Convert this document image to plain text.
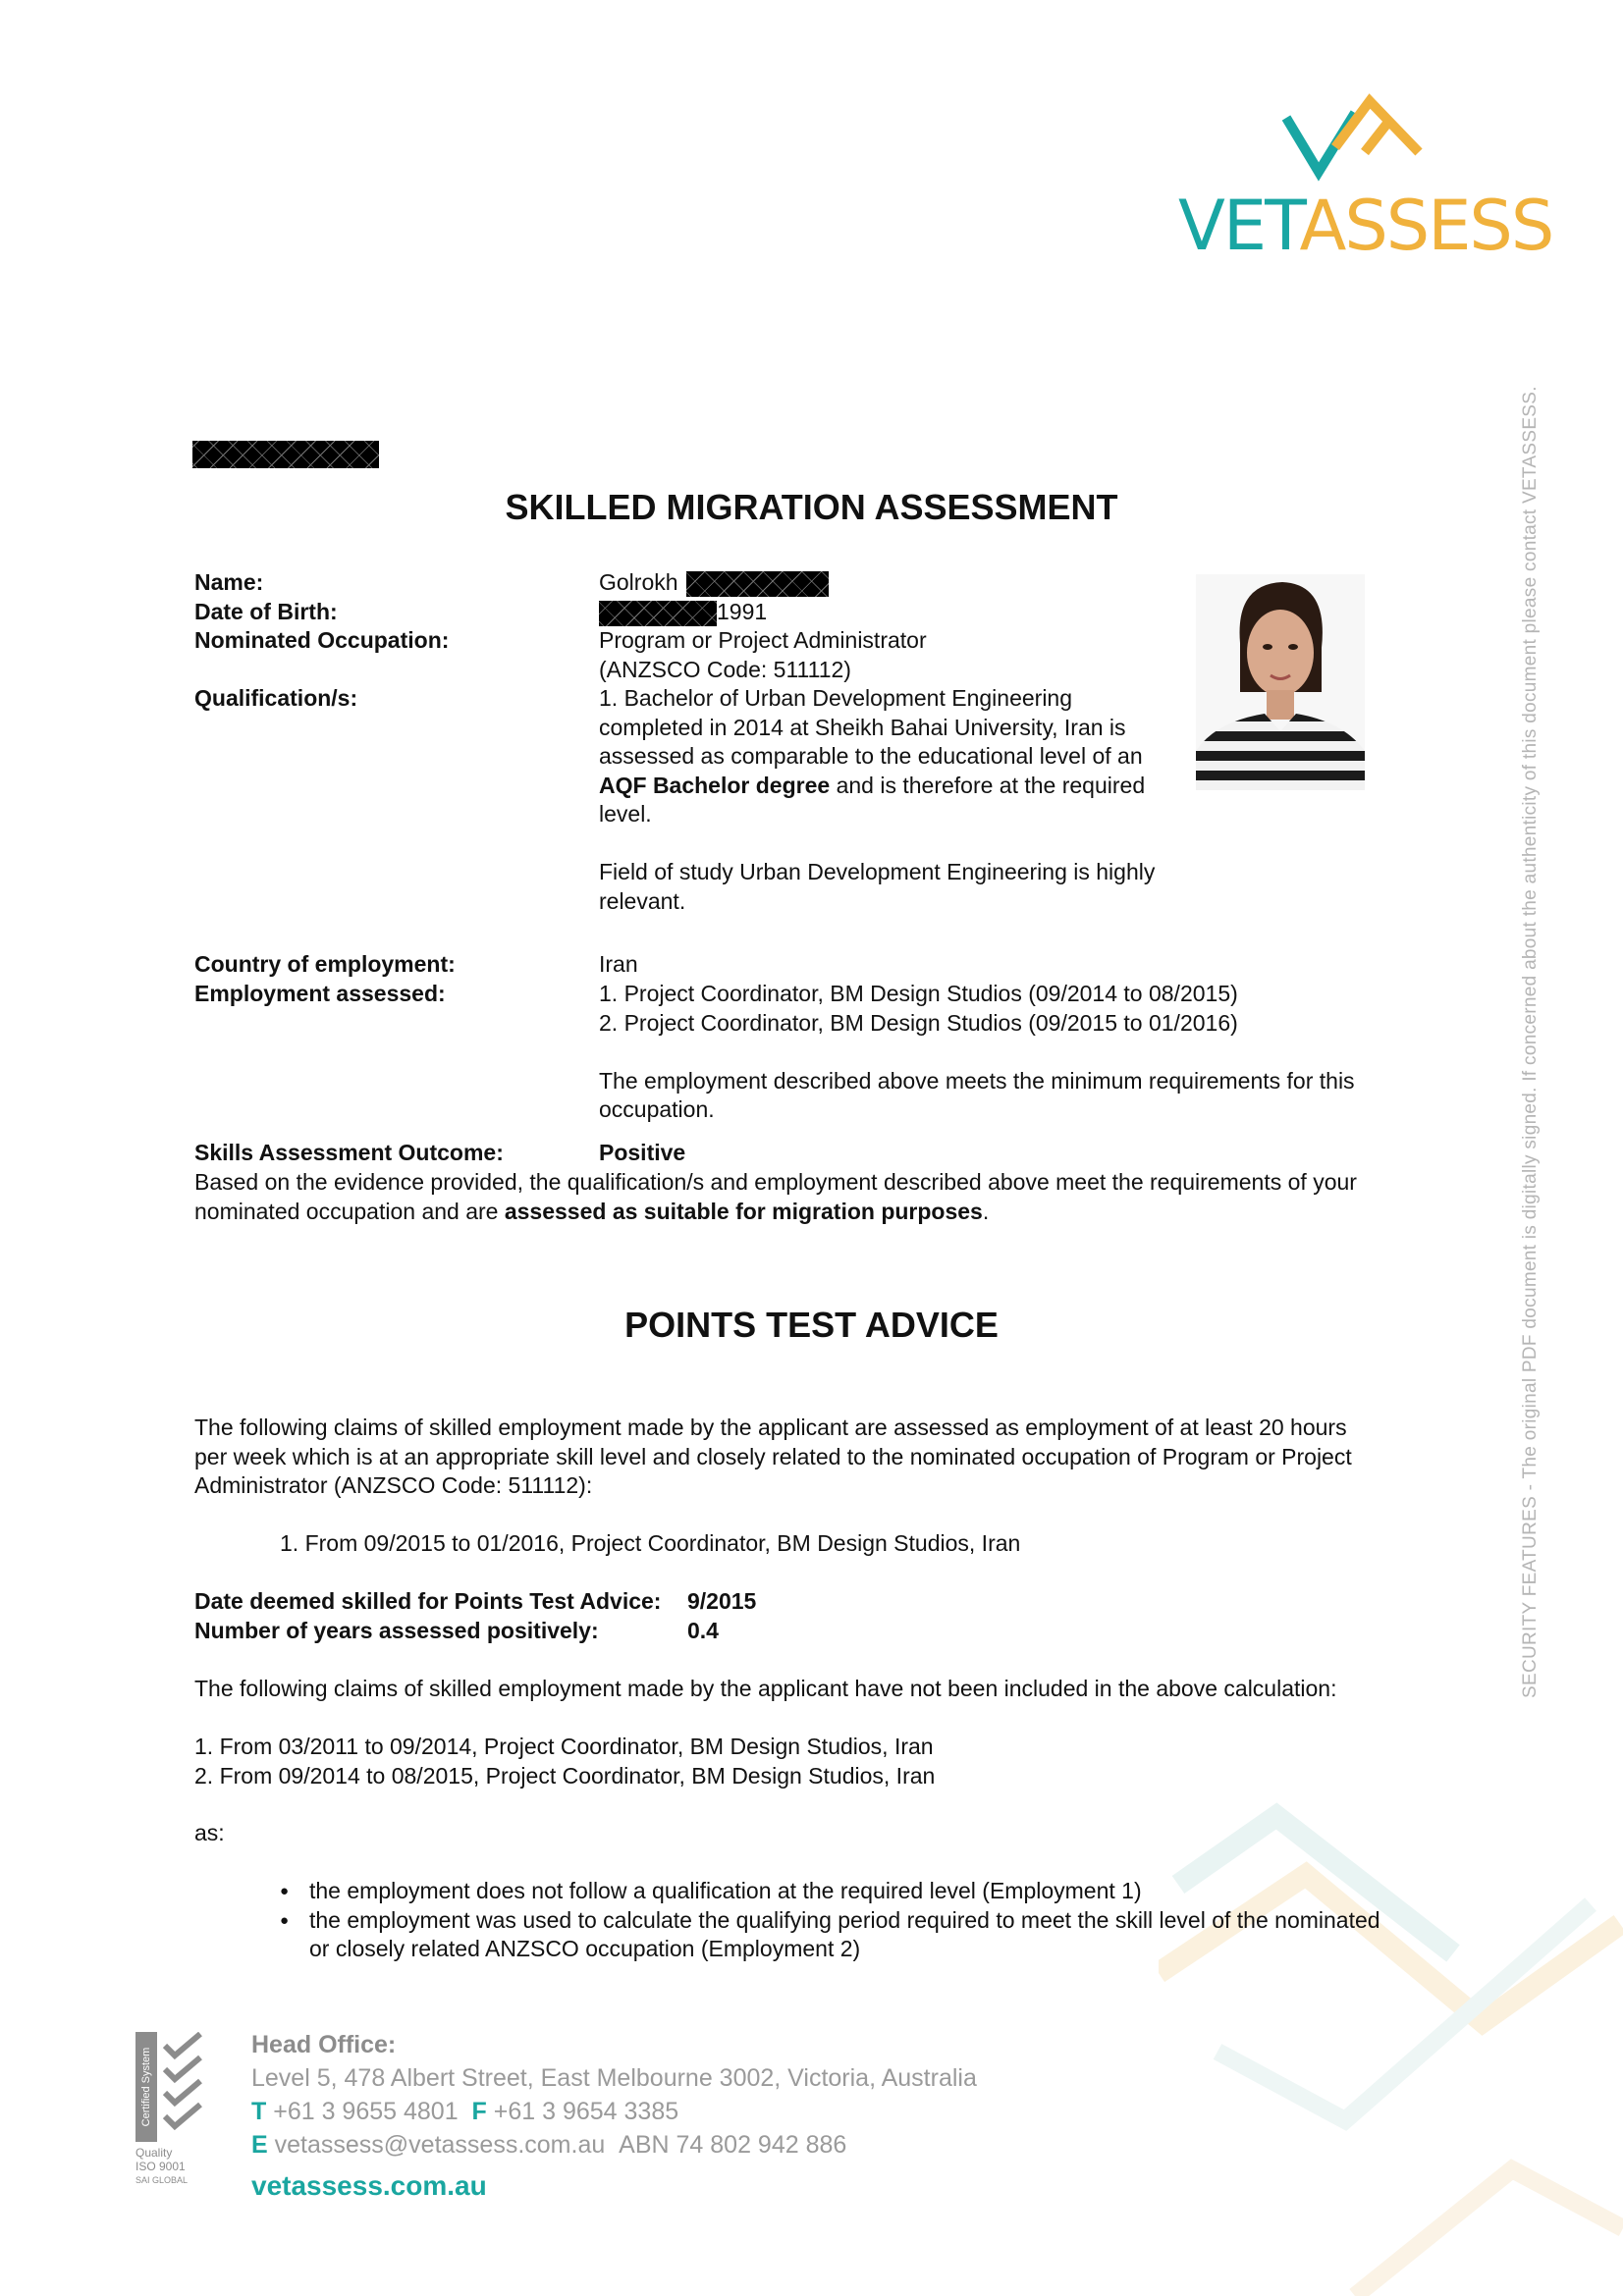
VETASSESS
SECURITY FEATURES - The original PDF document is digitally signed. If concerned about the authenticity of this document please contact VETASSESS.
SKILLED MIGRATION ASSESSMENT
Name:	Golrokh
Date of Birth:	1991
Nominated Occupation:	Program or Project Administrator
(ANZSCO Code: 511112)
Qualification/s:	1. Bachelor of Urban Development Engineering
completed in 2014 at Sheikh Bahai University, Iran is
assessed as comparable to the educational level of an
AQF Bachelor degree and is therefore at the required
level.
Field of study Urban Development Engineering is highly
relevant.
Country of employment:	Iran
Employment assessed:	1. Project Coordinator, BM Design Studios (09/2014 to 08/2015)
2. Project Coordinator, BM Design Studios (09/2015 to 01/2016)
The employment described above meets the minimum requirements for this
occupation.
Skills Assessment Outcome:	Positive
Based on the evidence provided, the qualification/s and employment described above meet the requirements of your
nominated occupation and are assessed as suitable for migration purposes.
POINTS TEST ADVICE
The following claims of skilled employment made by the applicant are assessed as employment of at least 20 hours
per week which is at an appropriate skill level and closely related to the nominated occupation of Program or Project
Administrator (ANZSCO Code: 511112):
1. From 09/2015 to 01/2016, Project Coordinator, BM Design Studios, Iran
Date deemed skilled for Points Test Advice: 9/2015
Number of years assessed positively:	0.4
The following claims of skilled employment made by the applicant have not been included in the above calculation:
1. From 03/2011 to 09/2014, Project Coordinator, BM Design Studios, Iran
2. From 09/2014 to 08/2015, Project Coordinator, BM Design Studios, Iran
as:
● the employment does not follow a qualification at the required level (Employment 1)
● the employment was used to calculate the qualifying period required to meet the skill level of the nominated
or closely related ANZSCO occupation (Employment 2)
Certified System
Quality
ISO 9001
SAI GLOBAL
Head Office:
Level 5, 478 Albert Street, East Melbourne 3002, Victoria, Australia
T +61 3 9655 4801 F +61 3 9654 3385
E vetassess@vetassess.com.au ABN 74 802 942 886
vetassess.com.au
